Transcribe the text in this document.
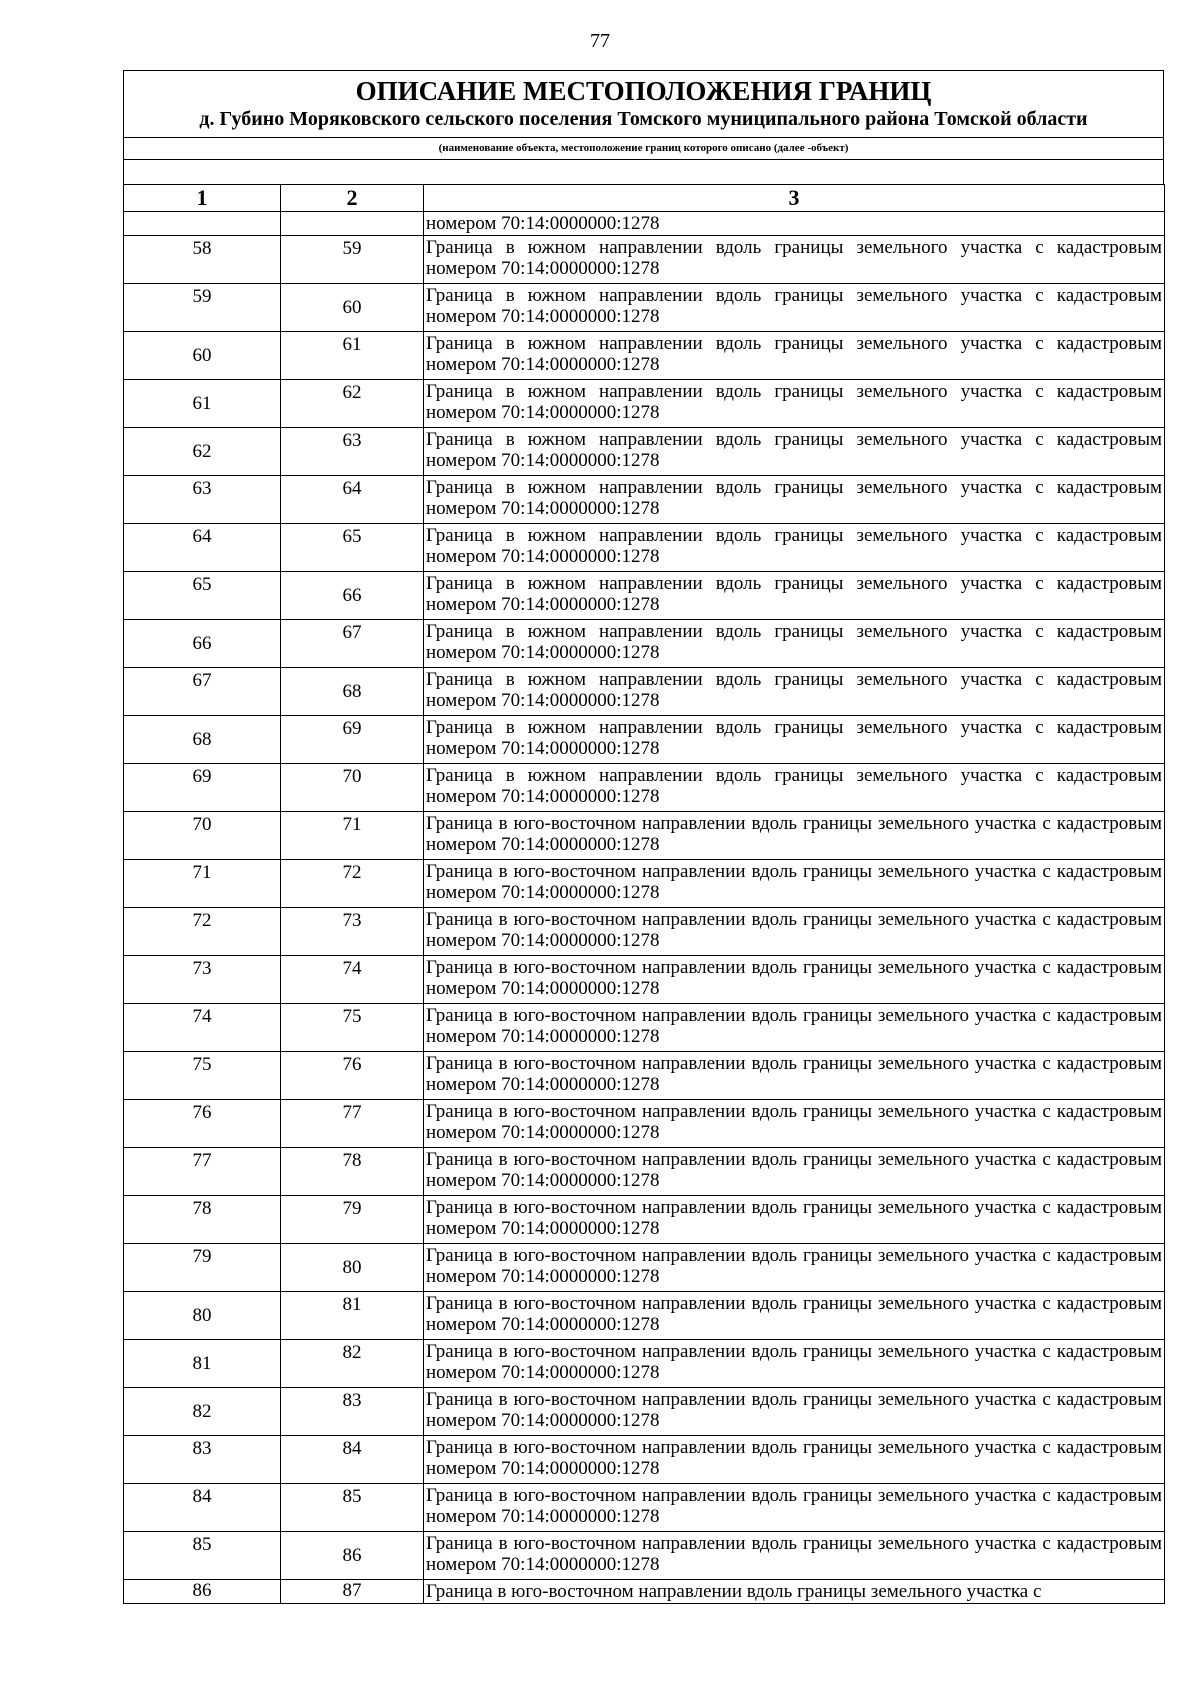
77
ОПИСАНИЕ МЕСТОПОЛОЖЕНИЯ ГРАНИЦ
д. Губино Моряковского сельского поселения Томского муниципального района Томской области
(наименование объекта, местоположение границ которого описано (далее -объект)
1	2	3
		номером 70:14:0000000:1278
58	59	Граница в южном направлении вдоль границы земельного участка с кадастровым номером 70:14:0000000:1278
59	60	Граница в южном направлении вдоль границы земельного участка с кадастровым номером 70:14:0000000:1278
60	61	Граница в южном направлении вдоль границы земельного участка с кадастровым номером 70:14:0000000:1278
61	62	Граница в южном направлении вдоль границы земельного участка с кадастровым номером 70:14:0000000:1278
62	63	Граница в южном направлении вдоль границы земельного участка с кадастровым номером 70:14:0000000:1278
63	64	Граница в южном направлении вдоль границы земельного участка с кадастровым номером 70:14:0000000:1278
64	65	Граница в южном направлении вдоль границы земельного участка с кадастровым номером 70:14:0000000:1278
65	66	Граница в южном направлении вдоль границы земельного участка с кадастровым номером 70:14:0000000:1278
66	67	Граница в южном направлении вдоль границы земельного участка с кадастровым номером 70:14:0000000:1278
67	68	Граница в южном направлении вдоль границы земельного участка с кадастровым номером 70:14:0000000:1278
68	69	Граница в южном направлении вдоль границы земельного участка с кадастровым номером 70:14:0000000:1278
69	70	Граница в южном направлении вдоль границы земельного участка с кадастровым номером 70:14:0000000:1278
70	71	Граница в юго-восточном направлении вдоль границы земельного участка с кадастровым номером 70:14:0000000:1278
71	72	Граница в юго-восточном направлении вдоль границы земельного участка с кадастровым номером 70:14:0000000:1278
72	73	Граница в юго-восточном направлении вдоль границы земельного участка с кадастровым номером 70:14:0000000:1278
73	74	Граница в юго-восточном направлении вдоль границы земельного участка с кадастровым номером 70:14:0000000:1278
74	75	Граница в юго-восточном направлении вдоль границы земельного участка с кадастровым номером 70:14:0000000:1278
75	76	Граница в юго-восточном направлении вдоль границы земельного участка с кадастровым номером 70:14:0000000:1278
76	77	Граница в юго-восточном направлении вдоль границы земельного участка с кадастровым номером 70:14:0000000:1278
77	78	Граница в юго-восточном направлении вдоль границы земельного участка с кадастровым номером 70:14:0000000:1278
78	79	Граница в юго-восточном направлении вдоль границы земельного участка с кадастровым номером 70:14:0000000:1278
79	80	Граница в юго-восточном направлении вдоль границы земельного участка с кадастровым номером 70:14:0000000:1278
80	81	Граница в юго-восточном направлении вдоль границы земельного участка с кадастровым номером 70:14:0000000:1278
81	82	Граница в юго-восточном направлении вдоль границы земельного участка с кадастровым номером 70:14:0000000:1278
82	83	Граница в юго-восточном направлении вдоль границы земельного участка с кадастровым номером 70:14:0000000:1278
83	84	Граница в юго-восточном направлении вдоль границы земельного участка с кадастровым номером 70:14:0000000:1278
84	85	Граница в юго-восточном направлении вдоль границы земельного участка с кадастровым номером 70:14:0000000:1278
85	86	Граница в юго-восточном направлении вдоль границы земельного участка с кадастровым номером 70:14:0000000:1278
86	87	Граница в юго-восточном направлении вдоль границы земельного участка с
